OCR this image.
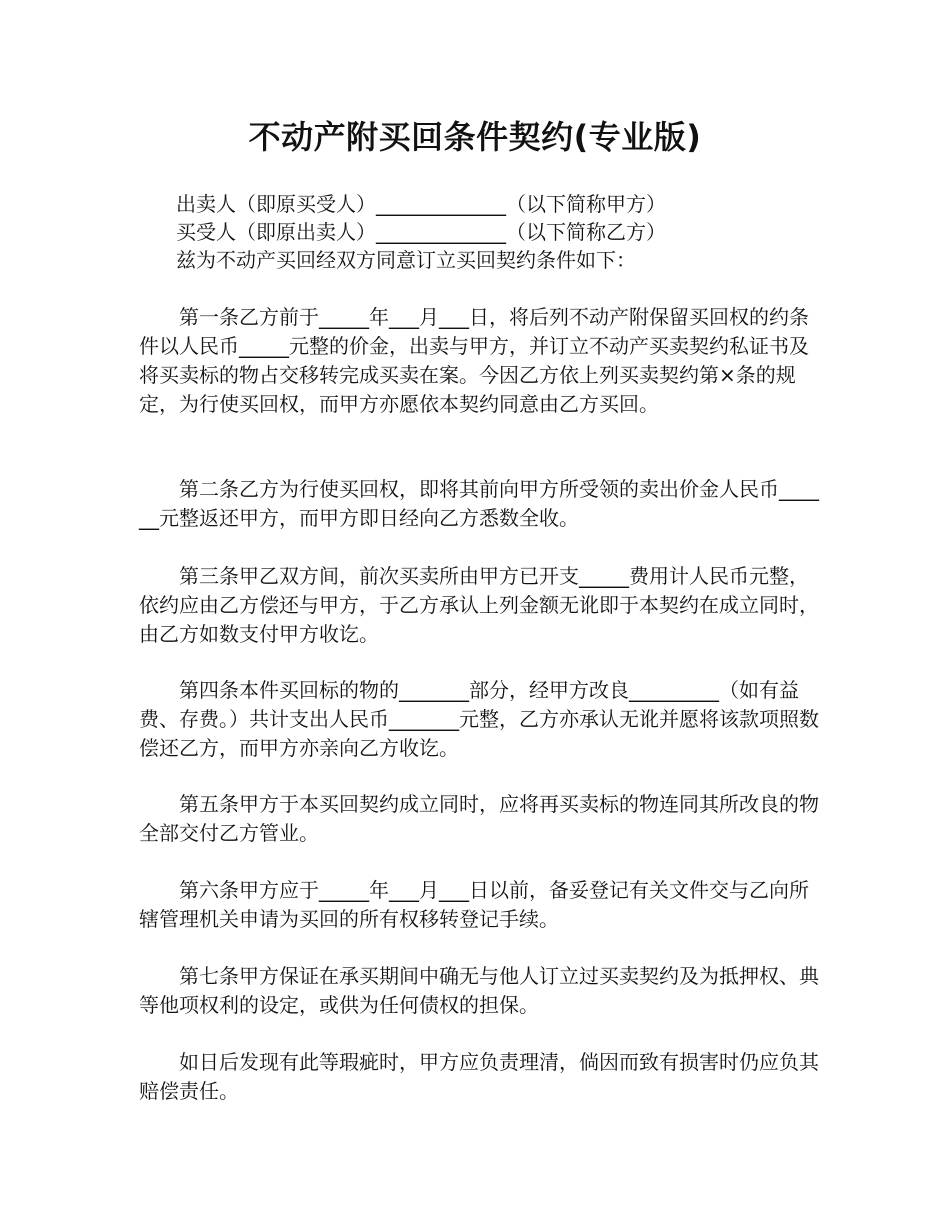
不动产附买回条件契约(专业版)
出卖人（即原买受人）_____________（以下简称甲方）
买受人（即原出卖人）_____________（以下简称乙方）
兹为不动产买回经双方同意订立买回契约条件如下：
　　第一条乙方前于_____年___月___日，将后列不动产附保留买回权的约条件以人民币_____元整的价金，出卖与甲方，并订立不动产买卖契约私证书及将买卖标的物占交移转完成买卖在案。今因乙方依上列买卖契约第×条的规定，为行使买回权，而甲方亦愿依本契约同意由乙方买回。
　　第二条乙方为行使买回权，即将其前向甲方所受领的卖出价金人民币______元整返还甲方，而甲方即日经向乙方悉数全收。
　　第三条甲乙双方间，前次买卖所由甲方已开支_____费用计人民币元整，依约应由乙方偿还与甲方，于乙方承认上列金额无讹即于本契约在成立同时，由乙方如数支付甲方收讫。
　　第四条本件买回标的物的_______部分，经甲方改良_________（如有益费、存费。）共计支出人民币_______元整，乙方亦承认无讹并愿将该款项照数偿还乙方，而甲方亦亲向乙方收讫。
　　第五条甲方于本买回契约成立同时，应将再买卖标的物连同其所改良的物全部交付乙方管业。
　　第六条甲方应于_____年___月___日以前，备妥登记有关文件交与乙向所辖管理机关申请为买回的所有权移转登记手续。
　　第七条甲方保证在承买期间中确无与他人订立过买卖契约及为抵押权、典等他项权利的设定，或供为任何债权的担保。
　　如日后发现有此等瑕疵时，甲方应负责理清，倘因而致有损害时仍应负其赔偿责任。
